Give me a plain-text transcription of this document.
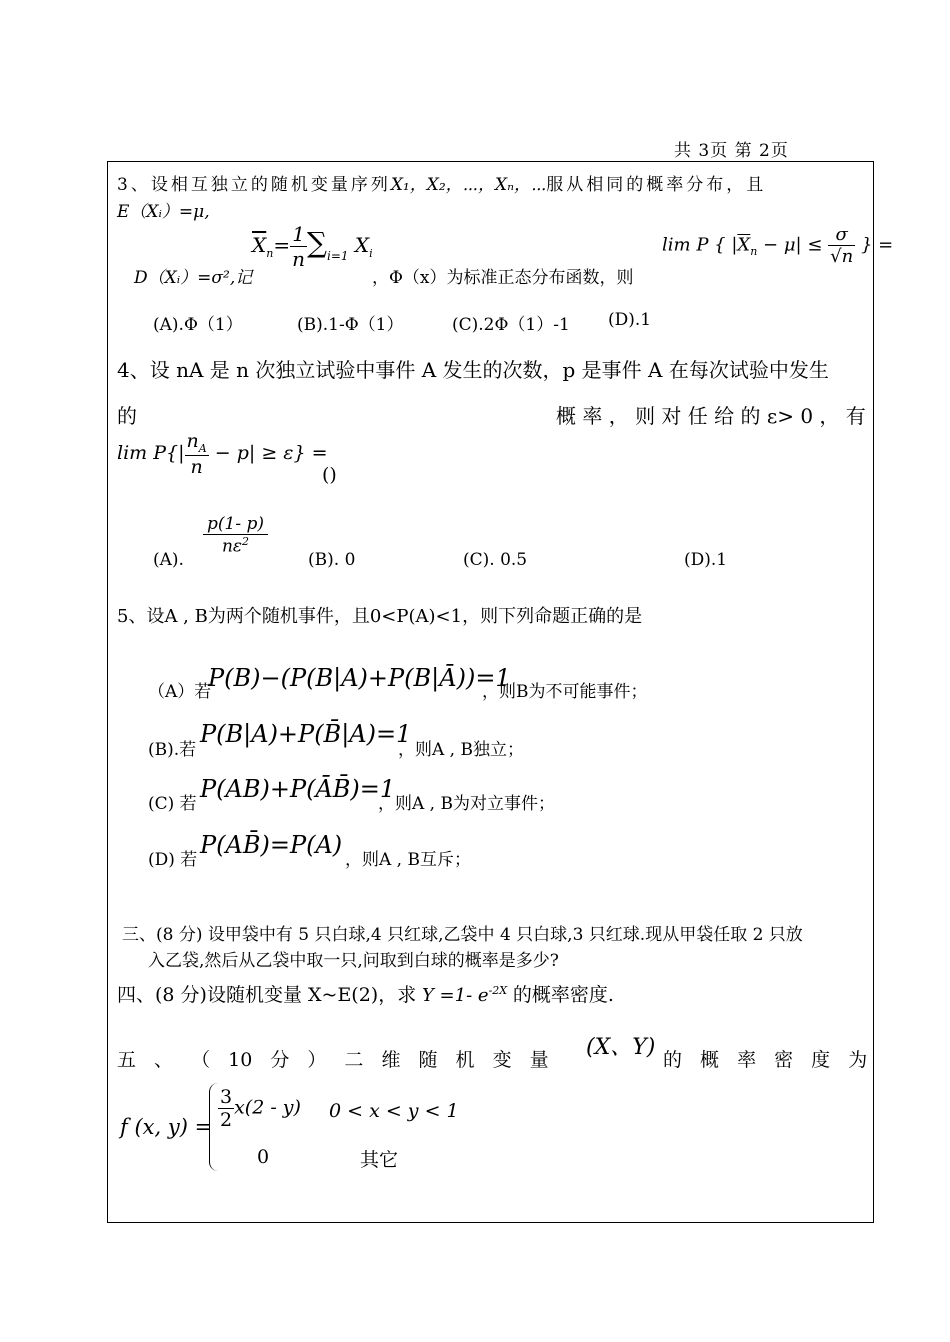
共 3页 第 2页
3、设相互独立的随机变量序列X₁，X₂，⋯，Xₙ，⋯服从相同的概率分布，且
E（Xᵢ）=μ,
$\overline{X}_n= \frac{1}{n} \sum_{i=1}$ $X_i$
D（Xᵢ）=σ²,记	，Φ（x）为标准正态分布函数，则
lim P { $|\overline{X}_n - \mu| \le \frac{\sigma}{√n}$ } =
(A).Φ（1）	(B).1-Φ（1）	(C).2Φ（1）-1 (D).1
4、设 nA 是 n 次独立试验中事件 A 发生的次数，p 是事件 A 在每次试验中发生
的	概 率 ， 则 对 任 给 的 ε> 0 ， 有
$\lim P\{| \frac{n_A}{n} - p| \ge \varepsilon\}$ =
()
(A).
$\frac{p(1- p)}{n\varepsilon^2}$
(B). 0	(C). 0.5	(D).1
5、设A , B为两个随机事件，且0<P(A)<1，则下列命题正确的是
（A）若
P(B)−(P(B|A)+P(B|Ā))=1
，则B为不可能事件；
(B).若
P(B|A)+P(B̄|A)=1
，则A , B独立；
(C) 若
P(AB)+P(ĀB̄)=1
，则A , B为对立事件；
(D) 若
P(AB̄)=P(A)
，则A , B互斥；
三、(8 分) 设甲袋中有 5 只白球,4 只红球,乙袋中 4 只白球,3 只红球.现从甲袋任取 2 只放
入乙袋,然后从乙袋中取一只,问取到白球的概率是多少?
四、(8 分)设随机变量 X~E(2)，求 Y =1- $e^{-2X}$ 的概率密度.
五 、 （ 10 分 ） 二 维 随 机 变 量 (X、Y) 的 概 率 密 度 为
f (x, $y) = \frac{3}{2} x(2 - y) 0 < x < y < 1$
0	其它
